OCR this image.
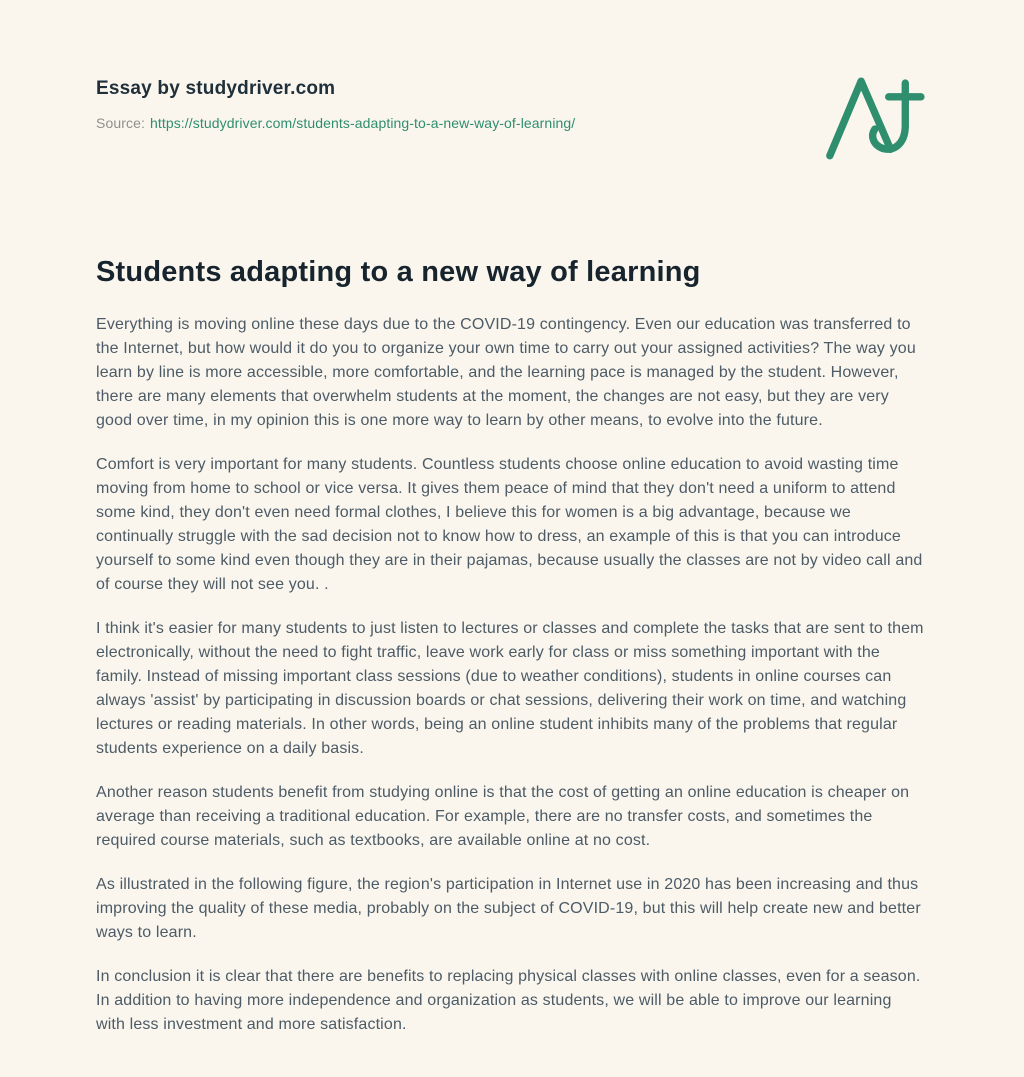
Essay by studydriver.com
Source: https://studydriver.com/students-adapting-to-a-new-way-of-learning/
Students adapting to a new way of learning

Everything is moving online these days due to the COVID-19 contingency. Even our education was transferred to the Internet, but how would it do you to organize your own time to carry out your assigned activities? The way you learn by line is more accessible, more comfortable, and the learning pace is managed by the student. However, there are many elements that overwhelm students at the moment, the changes are not easy, but they are very good over time, in my opinion this is one more way to learn by other means, to evolve into the future.

Comfort is very important for many students. Countless students choose online education to avoid wasting time moving from home to school or vice versa. It gives them peace of mind that they don't need a uniform to attend some kind, they don't even need formal clothes, I believe this for women is a big advantage, because we continually struggle with the sad decision not to know how to dress, an example of this is that you can introduce yourself to some kind even though they are in their pajamas, because usually the classes are not by video call and of course they will not see you. .

I think it's easier for many students to just listen to lectures or classes and complete the tasks that are sent to them electronically, without the need to fight traffic, leave work early for class or miss something important with the family. Instead of missing important class sessions (due to weather conditions), students in online courses can always 'assist' by participating in discussion boards or chat sessions, delivering their work on time, and watching lectures or reading materials. In other words, being an online student inhibits many of the problems that regular students experience on a daily basis.

Another reason students benefit from studying online is that the cost of getting an online education is cheaper on average than receiving a traditional education. For example, there are no transfer costs, and sometimes the required course materials, such as textbooks, are available online at no cost.

As illustrated in the following figure, the region's participation in Internet use in 2020 has been increasing and thus improving the quality of these media, probably on the subject of COVID-19, but this will help create new and better ways to learn.

In conclusion it is clear that there are benefits to replacing physical classes with online classes, even for a season. In addition to having more independence and organization as students, we will be able to improve our learning with less investment and more satisfaction.
